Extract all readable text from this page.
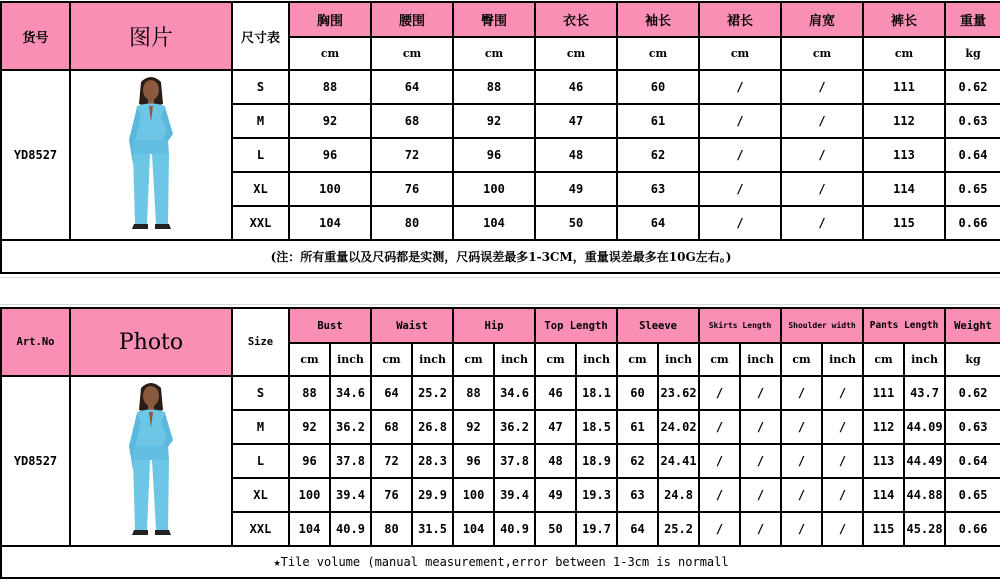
货号	图片	尺寸表	胸围	腰围	臀围	衣长	袖长	裙长	肩宽	裤长	重量
			cm	cm	cm	cm	cm	cm	cm	cm	kg
YD8527		S	88	64	88	46	60	/	/	111	0.62
		M	92	68	92	47	61	/	/	112	0.63
		L	96	72	96	48	62	/	/	113	0.64
		XL	100	76	100	49	63	/	/	114	0.65
		XXL	104	80	104	50	64	/	/	115	0.66
(注：所有重量以及尺码都是实测，尺码误差最多1-3CM，重量误差最多在10G左右。)											
Art.No	Photo	Size	Bust		Waist		Hip		Top Length		Sleeve		Skirts Length		Shoulder width		Pants Length		Weight
			cm	inch	cm	inch	cm	inch	cm	inch	cm	inch	cm	inch	cm	inch	cm	inch	kg
YD8527		S	88	34.6	64	25.2	88	34.6	46	18.1	60	23.62	/	/	/	/	111	43.7	0.62
		M	92	36.2	68	26.8	92	36.2	47	18.5	61	24.02	/	/	/	/	112	44.09	0.63
		L	96	37.8	72	28.3	96	37.8	48	18.9	62	24.41	/	/	/	/	113	44.49	0.64
		XL	100	39.4	76	29.9	100	39.4	49	19.3	63	24.8	/	/	/	/	114	44.88	0.65
		XXL	104	40.9	80	31.5	104	40.9	50	19.7	64	25.2	/	/	/	/	115	45.28	0.66
★Tile volume (manual measurement,error between 1-3cm is normall																			
